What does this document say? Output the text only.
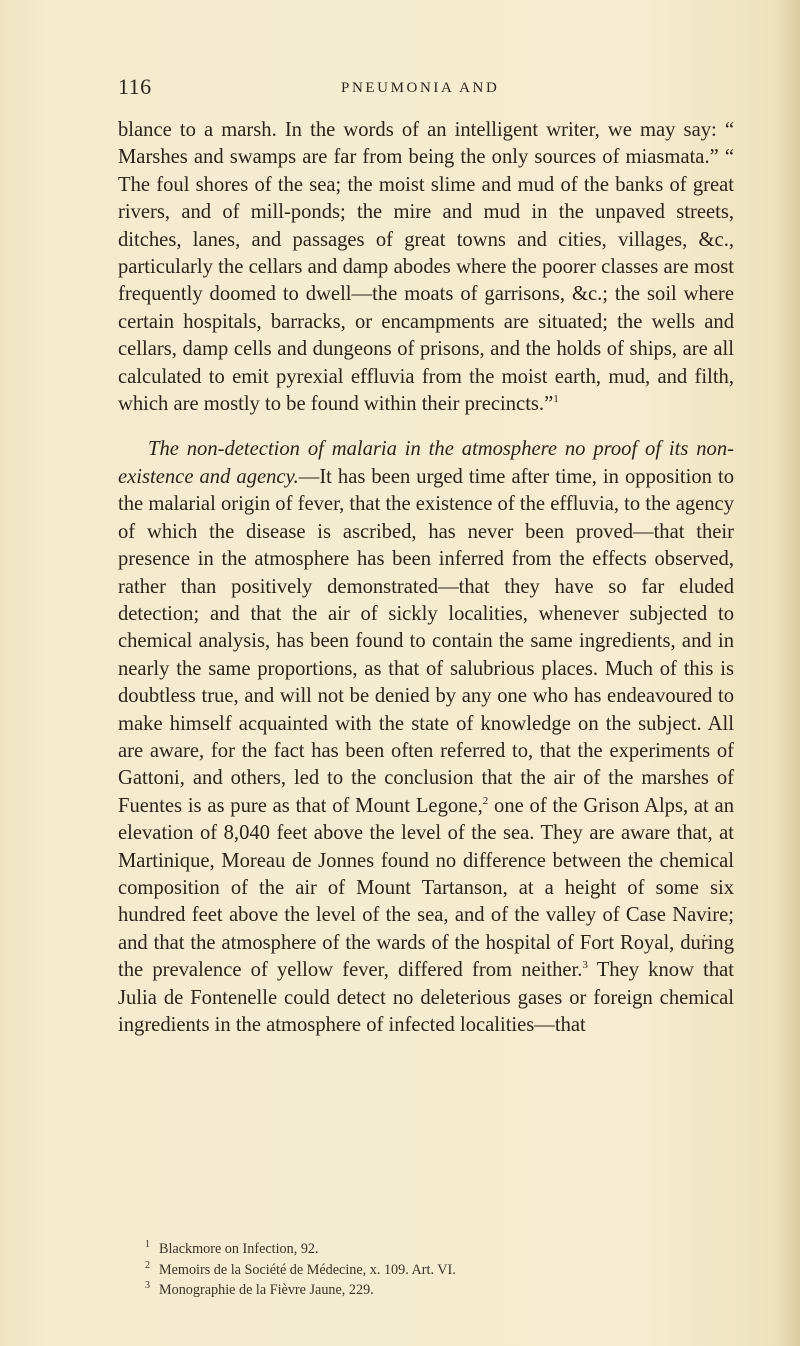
116	PNEUMONIA AND

blance to a marsh. In the words of an intelligent writer, we may say: “ Marshes and swamps are far from being the only sources of miasmata.” “ The foul shores of the sea; the moist slime and mud of the banks of great rivers, and of mill-ponds; the mire and mud in the unpaved streets, ditches, lanes, and passages of great towns and cities, villages, &c., particularly the cellars and damp abodes where the poorer classes are most frequently doomed to dwell—the moats of garrisons, &c.; the soil where certain hospitals, barracks, or encampments are situated; the wells and cellars, damp cells and dungeons of prisons, and the holds of ships, are all calculated to emit pyrexial effluvia from the moist earth, mud, and filth, which are mostly to be found within their precincts.”$^1$

The non-detection of malaria in the atmosphere no proof of its non-existence and agency.—It has been urged time after time, in opposition to the malarial origin of fever, that the existence of the effluvia, to the agency of which the disease is ascribed, has never been proved—that their presence in the atmosphere has been inferred from the effects observed, rather than positively demonstrated—that they have so far eluded detection; and that the air of sickly localities, whenever subjected to chemical analysis, has been found to contain the same ingredients, and in nearly the same proportions, as that of salubrious places. Much of this is doubtless true, and will not be denied by any one who has endeavoured to make himself acquainted with the state of knowledge on the subject. All are aware, for the fact has been often referred to, that the experiments of Gattoni, and others, led to the conclusion that the air of the marshes of Fuentes is as pure as that of Mount Legone,$^2$ one of the Grison Alps, at an elevation of 8,040 feet above the level of the sea. They are aware that, at Martinique, Moreau de Jonnes found no difference between the chemical composition of the air of Mount Tartanson, at a height of some six hundred feet above the level of the sea, and of the valley of Case Navire; and that the atmosphere of the wards of the hospital of Fort Royal, du͘ring the prevalence of yellow fever, differed from neither.$^3$ They know that Julia de Fontenelle could detect no deleterious gases or foreign chemical ingredients in the atmosphere of infected localities—that

1 Blackmore on Infection, 92.
2 Memoirs de la Société de Médecine, x. 109. Art. VI.
3 Monographie de la Fièvre Jaune, 229.
